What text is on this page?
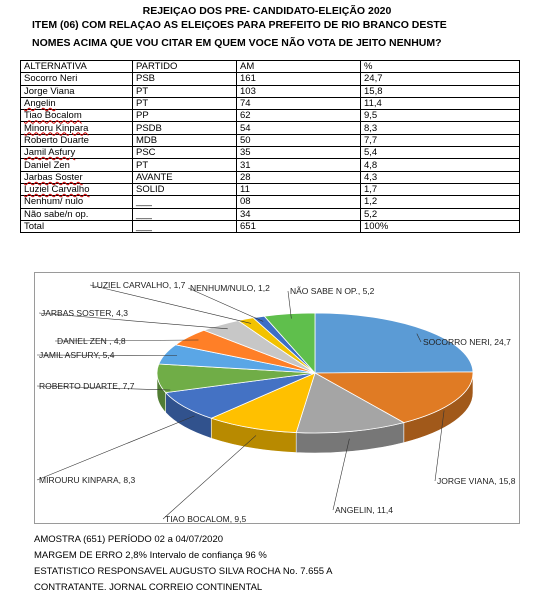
REJEIÇAO DOS PRE- CANDIDATO-ELEIÇÃO 2020
ITEM (06) COM RELAÇAO AS ELEIÇOES PARA PREFEITO DE RIO BRANCO DESTE
NOMES ACIMA QUE VOU CITAR EM QUEM VOCE NÃO VOTA DE JEITO NENHUM?
ALTERNATIVA	PARTIDO	AM	%
Socorro Neri	PSB	161	24,7
Jorge Viana	PT	103	15,8
Angelin	PT	74	11,4
Tiao Bocalom	PP	62	9,5
Minoru Kinpara	PSDB	54	8,3
Roberto Duarte	MDB	50	7,7
Jamil Asfury	PSC	35	5,4
Daniel Zen	PT	31	4,8
Jarbas Soster	AVANTE	28	4,3
Luziel Carvalho	SOLID	11	1,7
Nenhum/ nulo	___	08	1,2
Não sabe/n op.	___	34	5,2
Total	___	651	100%
SOCORRO NERI, 24,7
JORGE VIANA, 15,8
ANGELIN, 11,4
TIAO BOCALOM, 9,5
MIROURU KINPARA, 8,3
ROBERTO DUARTE, 7,7
JAMIL ASFURY, 5,4
DANIEL ZEN , 4,8
JARBAS SOSTER, 4,3
LUZIEL CARVALHO, 1,7 NENHUM/NULO, 1,2 NÃO SABE N OP., 5,2
AMOSTRA (651) PERÍODO 02 a 04/07/2020
MARGEM DE ERRO 2,8% Intervalo de confiança 96 %
ESTATISTICO RESPONSAVEL AUGUSTO SILVA ROCHA No. 7.655 A
CONTRATANTE. JORNAL CORREIO CONTINENTAL
